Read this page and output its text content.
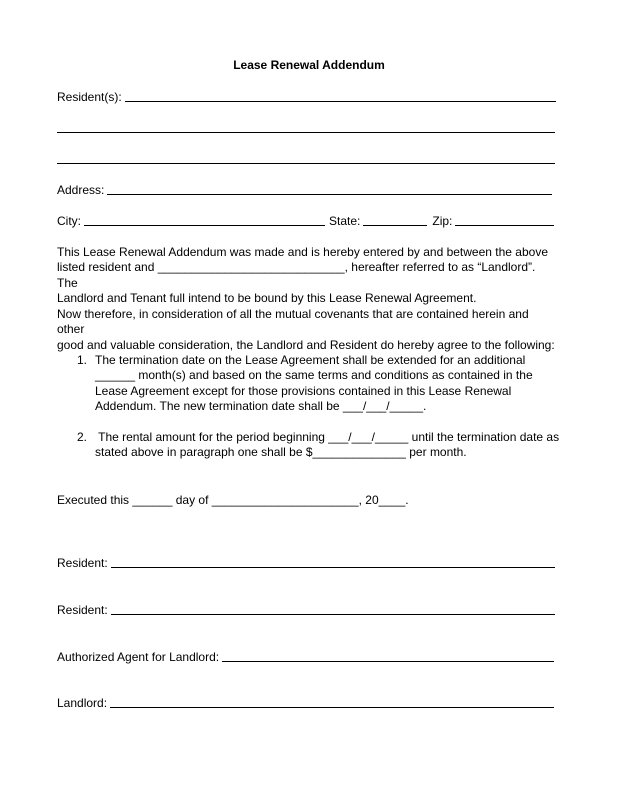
Lease Renewal Addendum
Resident(s):
Address:
City:	State:	Zip:
This Lease Renewal Addendum was made and is hereby entered by and between the above
listed resident and ____________________________, hereafter referred to as “Landlord”. The
Landlord and Tenant full intend to be bound by this Lease Renewal Agreement.
Now therefore, in consideration of all the mutual covenants that are contained herein and other
good and valuable consideration, the Landlord and Resident do hereby agree to the following:
1. The termination date on the Lease Agreement shall be extended for an additional
______ month(s) and based on the same terms and conditions as contained in the
Lease Agreement except for those provisions contained in this Lease Renewal
Addendum. The new termination date shall be ___/___/_____.
2. The rental amount for the period beginning ___/___/_____ until the termination date as
stated above in paragraph one shall be $______________ per month.
Executed this ______ day of ______________________, 20____.
Resident:
Resident:
Authorized Agent for Landlord:
Landlord:
